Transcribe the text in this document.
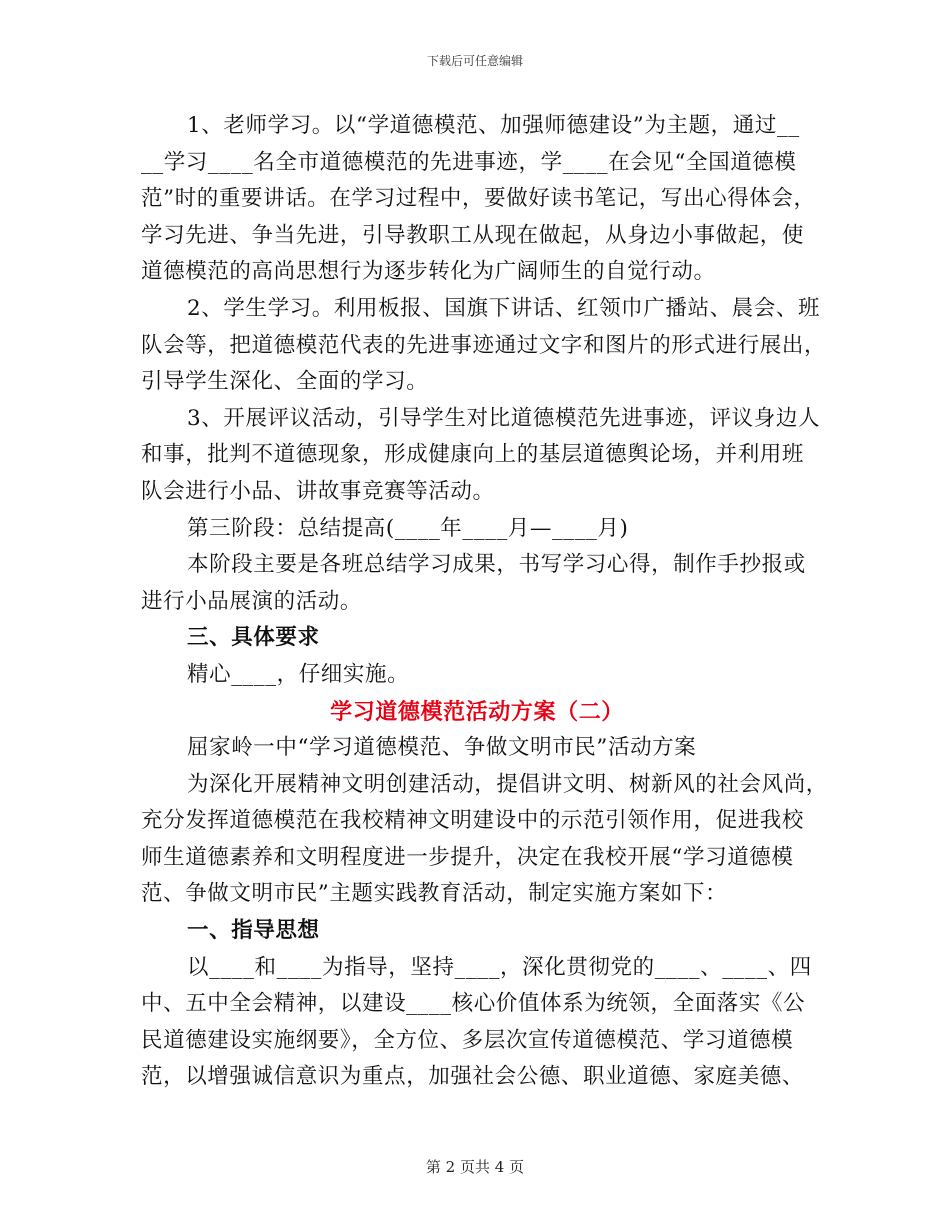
下载后可任意编辑
1、老师学习。以“学道德模范、加强师德建设”为主题，通过__
__学习____名全市道德模范的先进事迹，学____在会见“全国道德模
范”时的重要讲话。在学习过程中，要做好读书笔记，写出心得体会，
学习先进、争当先进，引导教职工从现在做起，从身边小事做起，使
道德模范的高尚思想行为逐步转化为广阔师生的自觉行动。
2、学生学习。利用板报、国旗下讲话、红领巾广播站、晨会、班
队会等，把道德模范代表的先进事迹通过文字和图片的形式进行展出，
引导学生深化、全面的学习。
3、开展评议活动，引导学生对比道德模范先进事迹，评议身边人
和事，批判不道德现象，形成健康向上的基层道德舆论场，并利用班
队会进行小品、讲故事竞赛等活动。
第三阶段：总结提高(____年____月—____月)
本阶段主要是各班总结学习成果，书写学习心得，制作手抄报或
进行小品展演的活动。
三、具体要求
精心____，仔细实施。
学习道德模范活动方案（二）
屈家岭一中“学习道德模范、争做文明市民”活动方案
为深化开展精神文明创建活动，提倡讲文明、树新风的社会风尚，
充分发挥道德模范在我校精神文明建设中的示范引领作用，促进我校
师生道德素养和文明程度进一步提升，决定在我校开展“学习道德模
范、争做文明市民”主题实践教育活动，制定实施方案如下：
一、指导思想
以____和____为指导，坚持____，深化贯彻党的____、____、四
中、五中全会精神，以建设____核心价值体系为统领，全面落实《公
民道德建设实施纲要》，全方位、多层次宣传道德模范、学习道德模
范，以增强诚信意识为重点，加强社会公德、职业道德、家庭美德、
第 2 页共 4 页
